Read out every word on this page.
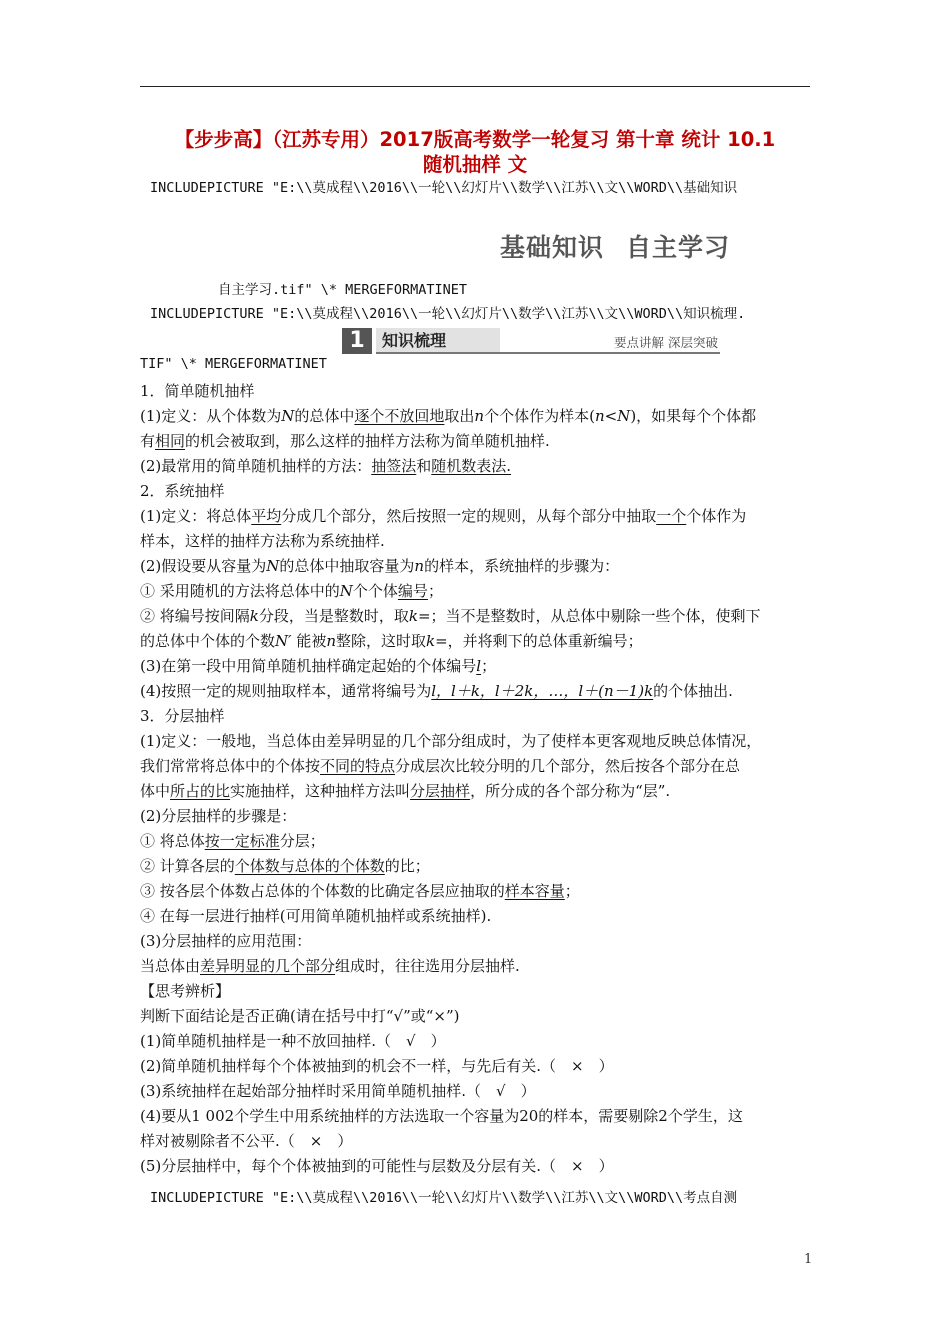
【步步高】（江苏专用）2017版高考数学一轮复习 第十章 统计 10.1
随机抽样 文
INCLUDEPICTURE "E:\\莫成程\\2016\\一轮\\幻灯片\\数学\\江苏\\文\\WORD\\基础知识
基础知识 自主学习
自主学习.tif" \* MERGEFORMATINET
INCLUDEPICTURE "E:\\莫成程\\2016\\一轮\\幻灯片\\数学\\江苏\\文\\WORD\\知识梳理.
1	知识梳理	要点讲解 深层突破
TIF" \* MERGEFORMATINET
1．简单随机抽样
(1)定义：从个体数为N的总体中逐个不放回地取出n个个体作为样本(n<N)，如果每个个体都
有相同的机会被取到，那么这样的抽样方法称为简单随机抽样.
(2)最常用的简单随机抽样的方法：抽签法和随机数表法.
2．系统抽样
(1)定义：将总体平均分成几个部分，然后按照一定的规则，从每个部分中抽取一个个体作为
样本，这样的抽样方法称为系统抽样.
(2)假设要从容量为N的总体中抽取容量为n的样本，系统抽样的步骤为：
① 采用随机的方法将总体中的N个个体编号；
② 将编号按间隔k分段，当是整数时，取k=；当不是整数时，从总体中剔除一些个体，使剩下
的总体中个体的个数N′ 能被n整除，这时取k=，并将剩下的总体重新编号；
(3)在第一段中用简单随机抽样确定起始的个体编号l；
(4)按照一定的规则抽取样本，通常将编号为l，l＋k，l＋2k，…，l＋(n－1)k的个体抽出.
3．分层抽样
(1)定义：一般地，当总体由差异明显的几个部分组成时，为了使样本更客观地反映总体情况，
我们常常将总体中的个体按不同的特点分成层次比较分明的几个部分，然后按各个部分在总
体中所占的比实施抽样，这种抽样方法叫分层抽样，所分成的各个部分称为“层”.
(2)分层抽样的步骤是：
① 将总体按一定标准分层；
② 计算各层的个体数与总体的个体数的比；
③ 按各层个体数占总体的个体数的比确定各层应抽取的样本容量；
④ 在每一层进行抽样(可用简单随机抽样或系统抽样).
(3)分层抽样的应用范围：
当总体由差异明显的几个部分组成时，往往选用分层抽样.
【思考辨析】
判断下面结论是否正确(请在括号中打“√”或“×”)
(1)简单随机抽样是一种不放回抽样.（　√　）
(2)简单随机抽样每个个体被抽到的机会不一样，与先后有关.（　×　）
(3)系统抽样在起始部分抽样时采用简单随机抽样.（　√　）
(4)要从1 002个学生中用系统抽样的方法选取一个容量为20的样本，需要剔除2个学生，这
样对被剔除者不公平.（　×　）
(5)分层抽样中，每个个体被抽到的可能性与层数及分层有关.（　×　）
INCLUDEPICTURE "E:\\莫成程\\2016\\一轮\\幻灯片\\数学\\江苏\\文\\WORD\\考点自测
1
